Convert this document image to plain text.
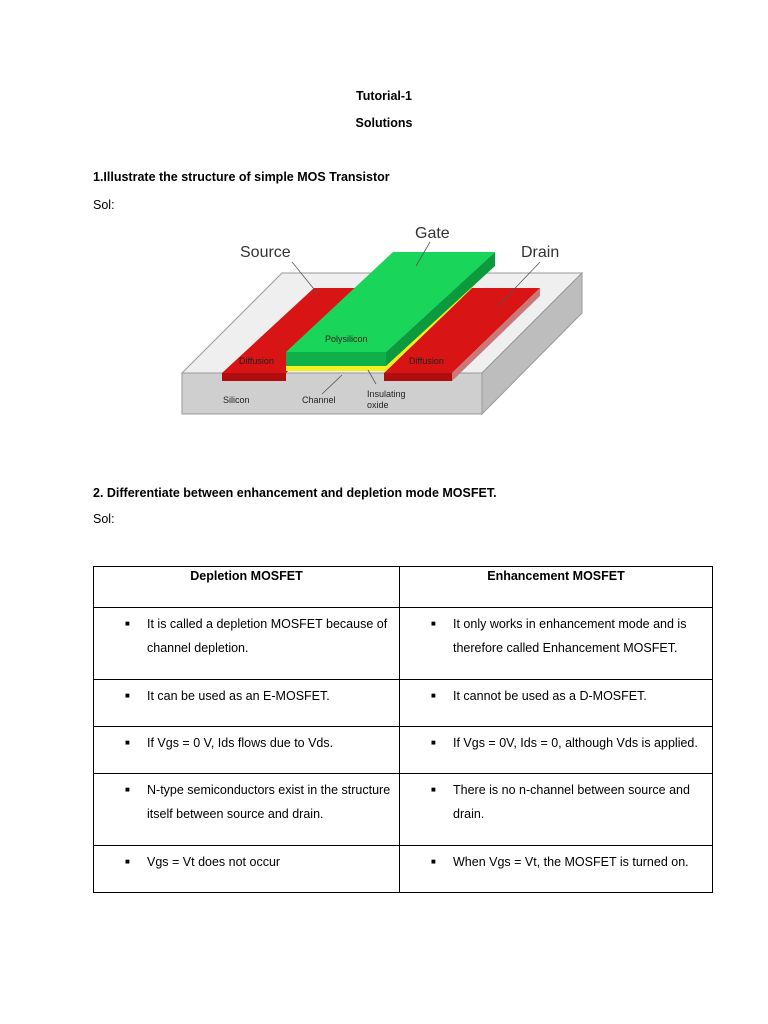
Tutorial-1
Solutions
1.Illustrate the structure of simple MOS Transistor
Sol:
Gate
Source	Drain
Polysilicon
Diffusion	Diffusion
Silicon	Channel
Insulating
oxide
2. Differentiate between enhancement and depletion mode MOSFET.
Sol:
Depletion MOSFET	Enhancement MOSFET

■ It is called a depletion MOSFET because of channel depletion.	■ It only works in enhancement mode and is therefore called Enhancement MOSFET.

■ It can be used as an E-MOSFET.	■ It cannot be used as a D-MOSFET.

■ If Vgs = 0 V, Ids flows due to Vds.	■ If Vgs = 0V, Ids = 0, although Vds is applied.

■ N-type semiconductors exist in the structure itself between source and drain.	■ There is no n-channel between source and drain.

■ Vgs = Vt does not occur	■ When Vgs = Vt, the MOSFET is turned on.
